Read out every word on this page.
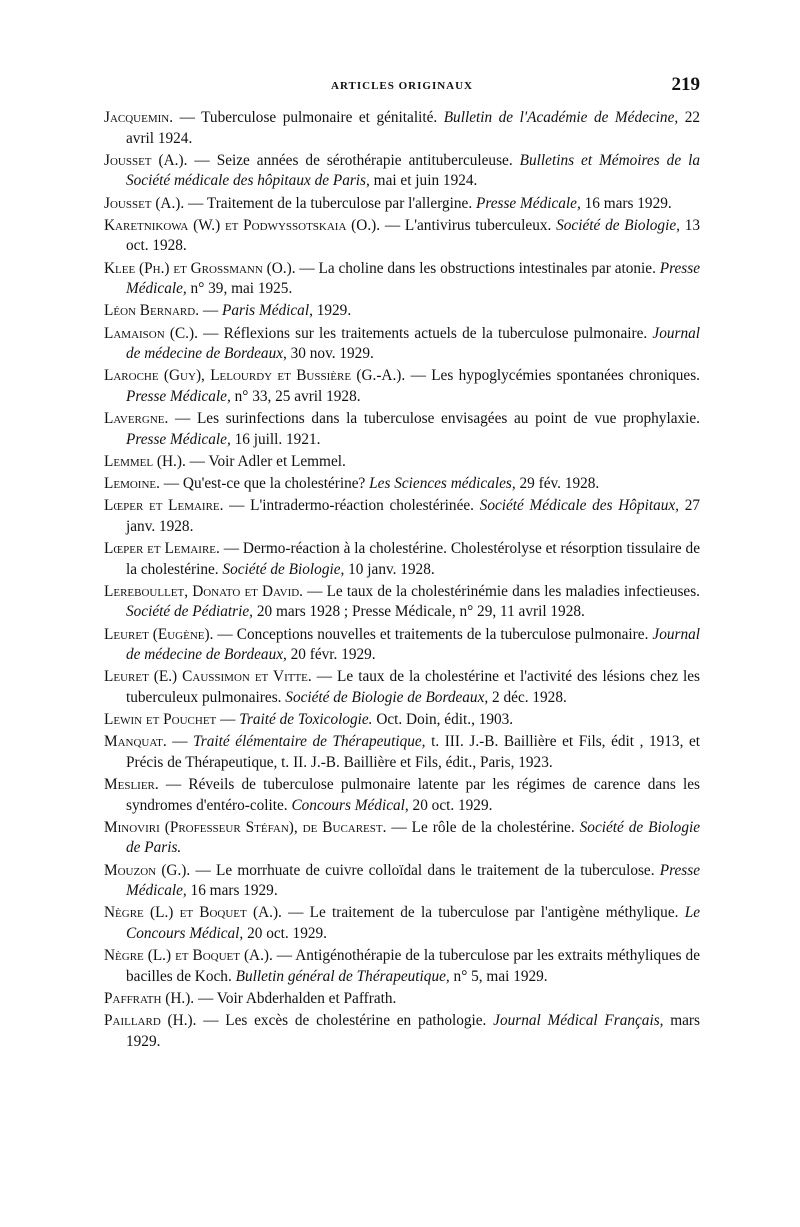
ARTICLES ORIGINAUX	219

Jacquemin. — Tuberculose pulmonaire et génitalité. Bulletin de l'Académie de Médecine, 22 avril 1924.

Jousset (A.). — Seize années de sérothérapie antituberculeuse. Bulletins et Mémoires de la Société médicale des hôpitaux de Paris, mai et juin 1924.

Jousset (A.). — Traitement de la tuberculose par l'allergine. Presse Médicale, 16 mars 1929.

Karetnikowa (W.) et Podwyssotskaia (O.). — L'antivirus tuberculeux. Société de Biologie, 13 oct. 1928.

Klee (Ph.) et Grossmann (O.). — La choline dans les obstructions intestinales par atonie. Presse Médicale, n° 39, mai 1925.

Léon Bernard. — Paris Médical, 1929.

Lamaison (C.). — Réflexions sur les traitements actuels de la tuberculose pulmonaire. Journal de médecine de Bordeaux, 30 nov. 1929.

Laroche (Guy), Lelourdy et Bussière (G.-A.). — Les hypoglycémies spontanées chroniques. Presse Médicale, n° 33, 25 avril 1928.

Lavergne. — Les surinfections dans la tuberculose envisagées au point de vue prophylaxie. Presse Médicale, 16 juill. 1921.

Lemmel (H.). — Voir Adler et Lemmel.

Lemoine. — Qu'est-ce que la cholestérine? Les Sciences médicales, 29 fév. 1928.

Lœper et Lemaire. — L'intradermo-réaction cholestérinée. Société Médicale des Hôpitaux, 27 janv. 1928.

Lœper et Lemaire. — Dermo-réaction à la cholestérine. Cholestérolyse et résorption tissulaire de la cholestérine. Société de Biologie, 10 janv. 1928.

Lereboullet, Donato et David. — Le taux de la cholestérinémie dans les maladies infectieuses. Société de Pédiatrie, 20 mars 1928 ; Presse Médicale, n° 29, 11 avril 1928.

Leuret (Eugène). — Conceptions nouvelles et traitements de la tuberculose pulmonaire. Journal de médecine de Bordeaux, 20 févr. 1929.

Leuret (E.) Caussimon et Vitte. — Le taux de la cholestérine et l'activité des lésions chez les tuberculeux pulmonaires. Société de Biologie de Bordeaux, 2 déc. 1928.

Lewin et Pouchet — Traité de Toxicologie. Oct. Doin, édit., 1903.

Manquat. — Traité élémentaire de Thérapeutique, t. III. J.-B. Baillière et Fils, édit , 1913, et Précis de Thérapeutique, t. II. J.-B. Baillière et Fils, édit., Paris, 1923.

Meslier. — Réveils de tuberculose pulmonaire latente par les régimes de carence dans les syndromes d'entéro-colite. Concours Médical, 20 oct. 1929.

Minoviri (Professeur Stéfan), de Bucarest. — Le rôle de la cholestérine. Société de Biologie de Paris.

Mouzon (G.). — Le morrhuate de cuivre colloïdal dans le traitement de la tuberculose. Presse Médicale, 16 mars 1929.

Nègre (L.) et Boquet (A.). — Le traitement de la tuberculose par l'antigène méthylique. Le Concours Médical, 20 oct. 1929.

Nègre (L.) et Boquet (A.). — Antigénothérapie de la tuberculose par les extraits méthyliques de bacilles de Koch. Bulletin général de Thérapeutique, n° 5, mai 1929.

Paffrath (H.). — Voir Abderhalden et Paffrath.

Paillard (H.). — Les excès de cholestérine en pathologie. Journal Médical Français, mars 1929.
